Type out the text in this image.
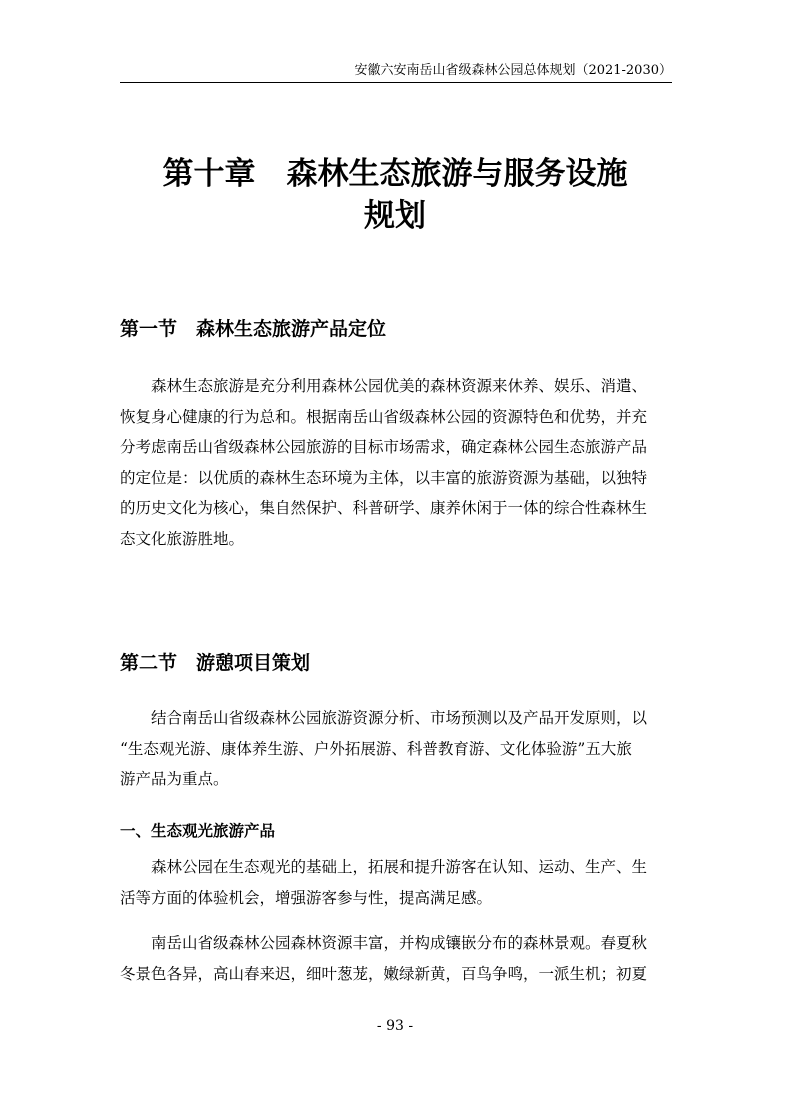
安徽六安南岳山省级森林公园总体规划（2021-2030）
第十章　森林生态旅游与服务设施
规划
第一节　森林生态旅游产品定位
　　森林生态旅游是充分利用森林公园优美的森林资源来休养、娱乐、消遣、
恢复身心健康的行为总和。根据南岳山省级森林公园的资源特色和优势，并充
分考虑南岳山省级森林公园旅游的目标市场需求，确定森林公园生态旅游产品
的定位是：以优质的森林生态环境为主体，以丰富的旅游资源为基础，以独特
的历史文化为核心，集自然保护、科普研学、康养休闲于一体的综合性森林生
态文化旅游胜地。
第二节　游憩项目策划
　　结合南岳山省级森林公园旅游资源分析、市场预测以及产品开发原则，以
“生态观光游、康体养生游、户外拓展游、科普教育游、文化体验游”五大旅
游产品为重点。
一、生态观光旅游产品
　　森林公园在生态观光的基础上，拓展和提升游客在认知、运动、生产、生
活等方面的体验机会，增强游客参与性，提高满足感。
　　南岳山省级森林公园森林资源丰富，并构成镶嵌分布的森林景观。春夏秋
冬景色各异，高山春来迟，细叶葱茏，嫩绿新黄，百鸟争鸣，一派生机；初夏
- 93 -
